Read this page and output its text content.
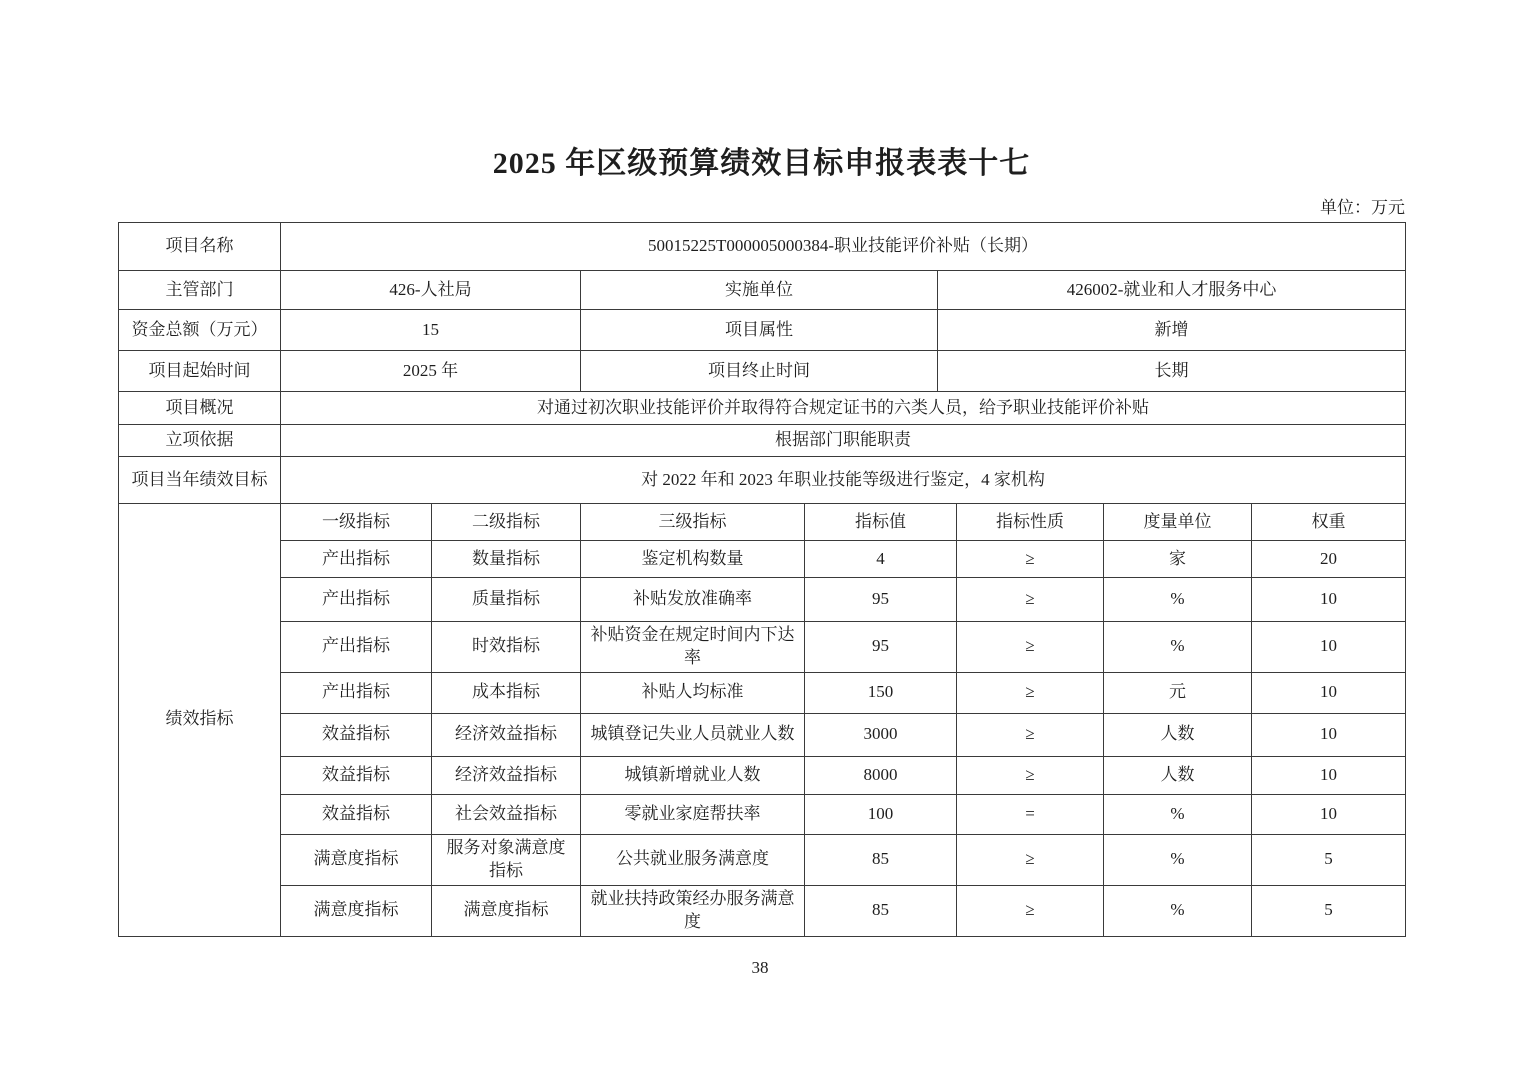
2025 年区级预算绩效目标申报表表十七
单位：万元
项目名称	50015225T000005000384-职业技能评价补贴（长期）							
主管部门	426-人社局		实施单位		426002-就业和人才服务中心			
资金总额（万元）	15		项目属性		新增			
项目起始时间	2025 年		项目终止时间		长期			
项目概况	对通过初次职业技能评价并取得符合规定证书的六类人员，给予职业技能评价补贴							
立项依据	根据部门职能职责							
项目当年绩效目标	对 2022 年和 2023 年职业技能等级进行鉴定，4 家机构							
绩效指标	一级指标	二级指标	三级指标	指标值		指标性质	度量单位	权重
	产出指标	数量指标	鉴定机构数量	4		≥	家	20
	产出指标	质量指标	补贴发放准确率	95		≥	%	10
	产出指标	时效指标	补贴资金在规定时间内下达率	95		≥	%	10
	产出指标	成本指标	补贴人均标准	150		≥	元	10
	效益指标	经济效益指标	城镇登记失业人员就业人数	3000		≥	人数	10
	效益指标	经济效益指标	城镇新增就业人数	8000		≥	人数	10
	效益指标	社会效益指标	零就业家庭帮扶率	100		=	%	10
	满意度指标	服务对象满意度指标	公共就业服务满意度	85		≥	%	5
	满意度指标	满意度指标	就业扶持政策经办服务满意度	85		≥	%	5
38
